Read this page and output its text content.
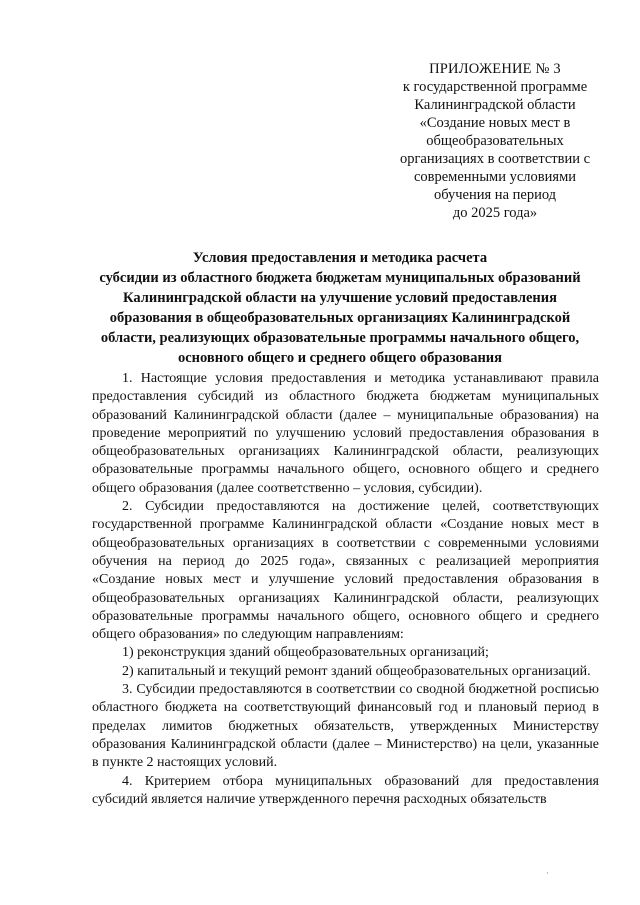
ПРИЛОЖЕНИЕ № 3
к государственной программе
Калининградской области
«Создание новых мест в
общеобразовательных
организациях в соответствии с
современными условиями
обучения на период
до 2025 года»
Условия предоставления и методика расчета
субсидии из областного бюджета бюджетам муниципальных образований
Калининградской области на улучшение условий предоставления
образования в общеобразовательных организациях Калининградской
области, реализующих образовательные программы начального общего,
основного общего и среднего общего образования

1. Настоящие условия предоставления и методика устанавливают правила предоставления субсидий из областного бюджета бюджетам муниципальных образований Калининградской области (далее – муниципальные образования) на проведение мероприятий по улучшению условий предоставления образования в общеобразовательных организациях Калининградской области, реализующих образовательные программы начального общего, основного общего и среднего общего образования (далее соответственно – условия, субсидии).

2. Субсидии предоставляются на достижение целей, соответствующих государственной программе Калининградской области «Создание новых мест в общеобразовательных организациях в соответствии с современными условиями обучения на период до 2025 года», связанных с реализацией мероприятия «Создание новых мест и улучшение условий предоставления образования в общеобразовательных организациях Калининградской области, реализующих образовательные программы начального общего, основного общего и среднего общего образования» по следующим направлениям:

1) реконструкция зданий общеобразовательных организаций;

2) капитальный и текущий ремонт зданий общеобразовательных организаций.

3. Субсидии предоставляются в соответствии со сводной бюджетной росписью областного бюджета на соответствующий финансовый год и плановый период в пределах лимитов бюджетных обязательств, утвержденных Министерству образования Калининградской области (далее – Министерство) на цели, указанные в пункте 2 настоящих условий.

4. Критерием отбора муниципальных образований для предоставления субсидий является наличие утвержденного перечня расходных обязательств

·
